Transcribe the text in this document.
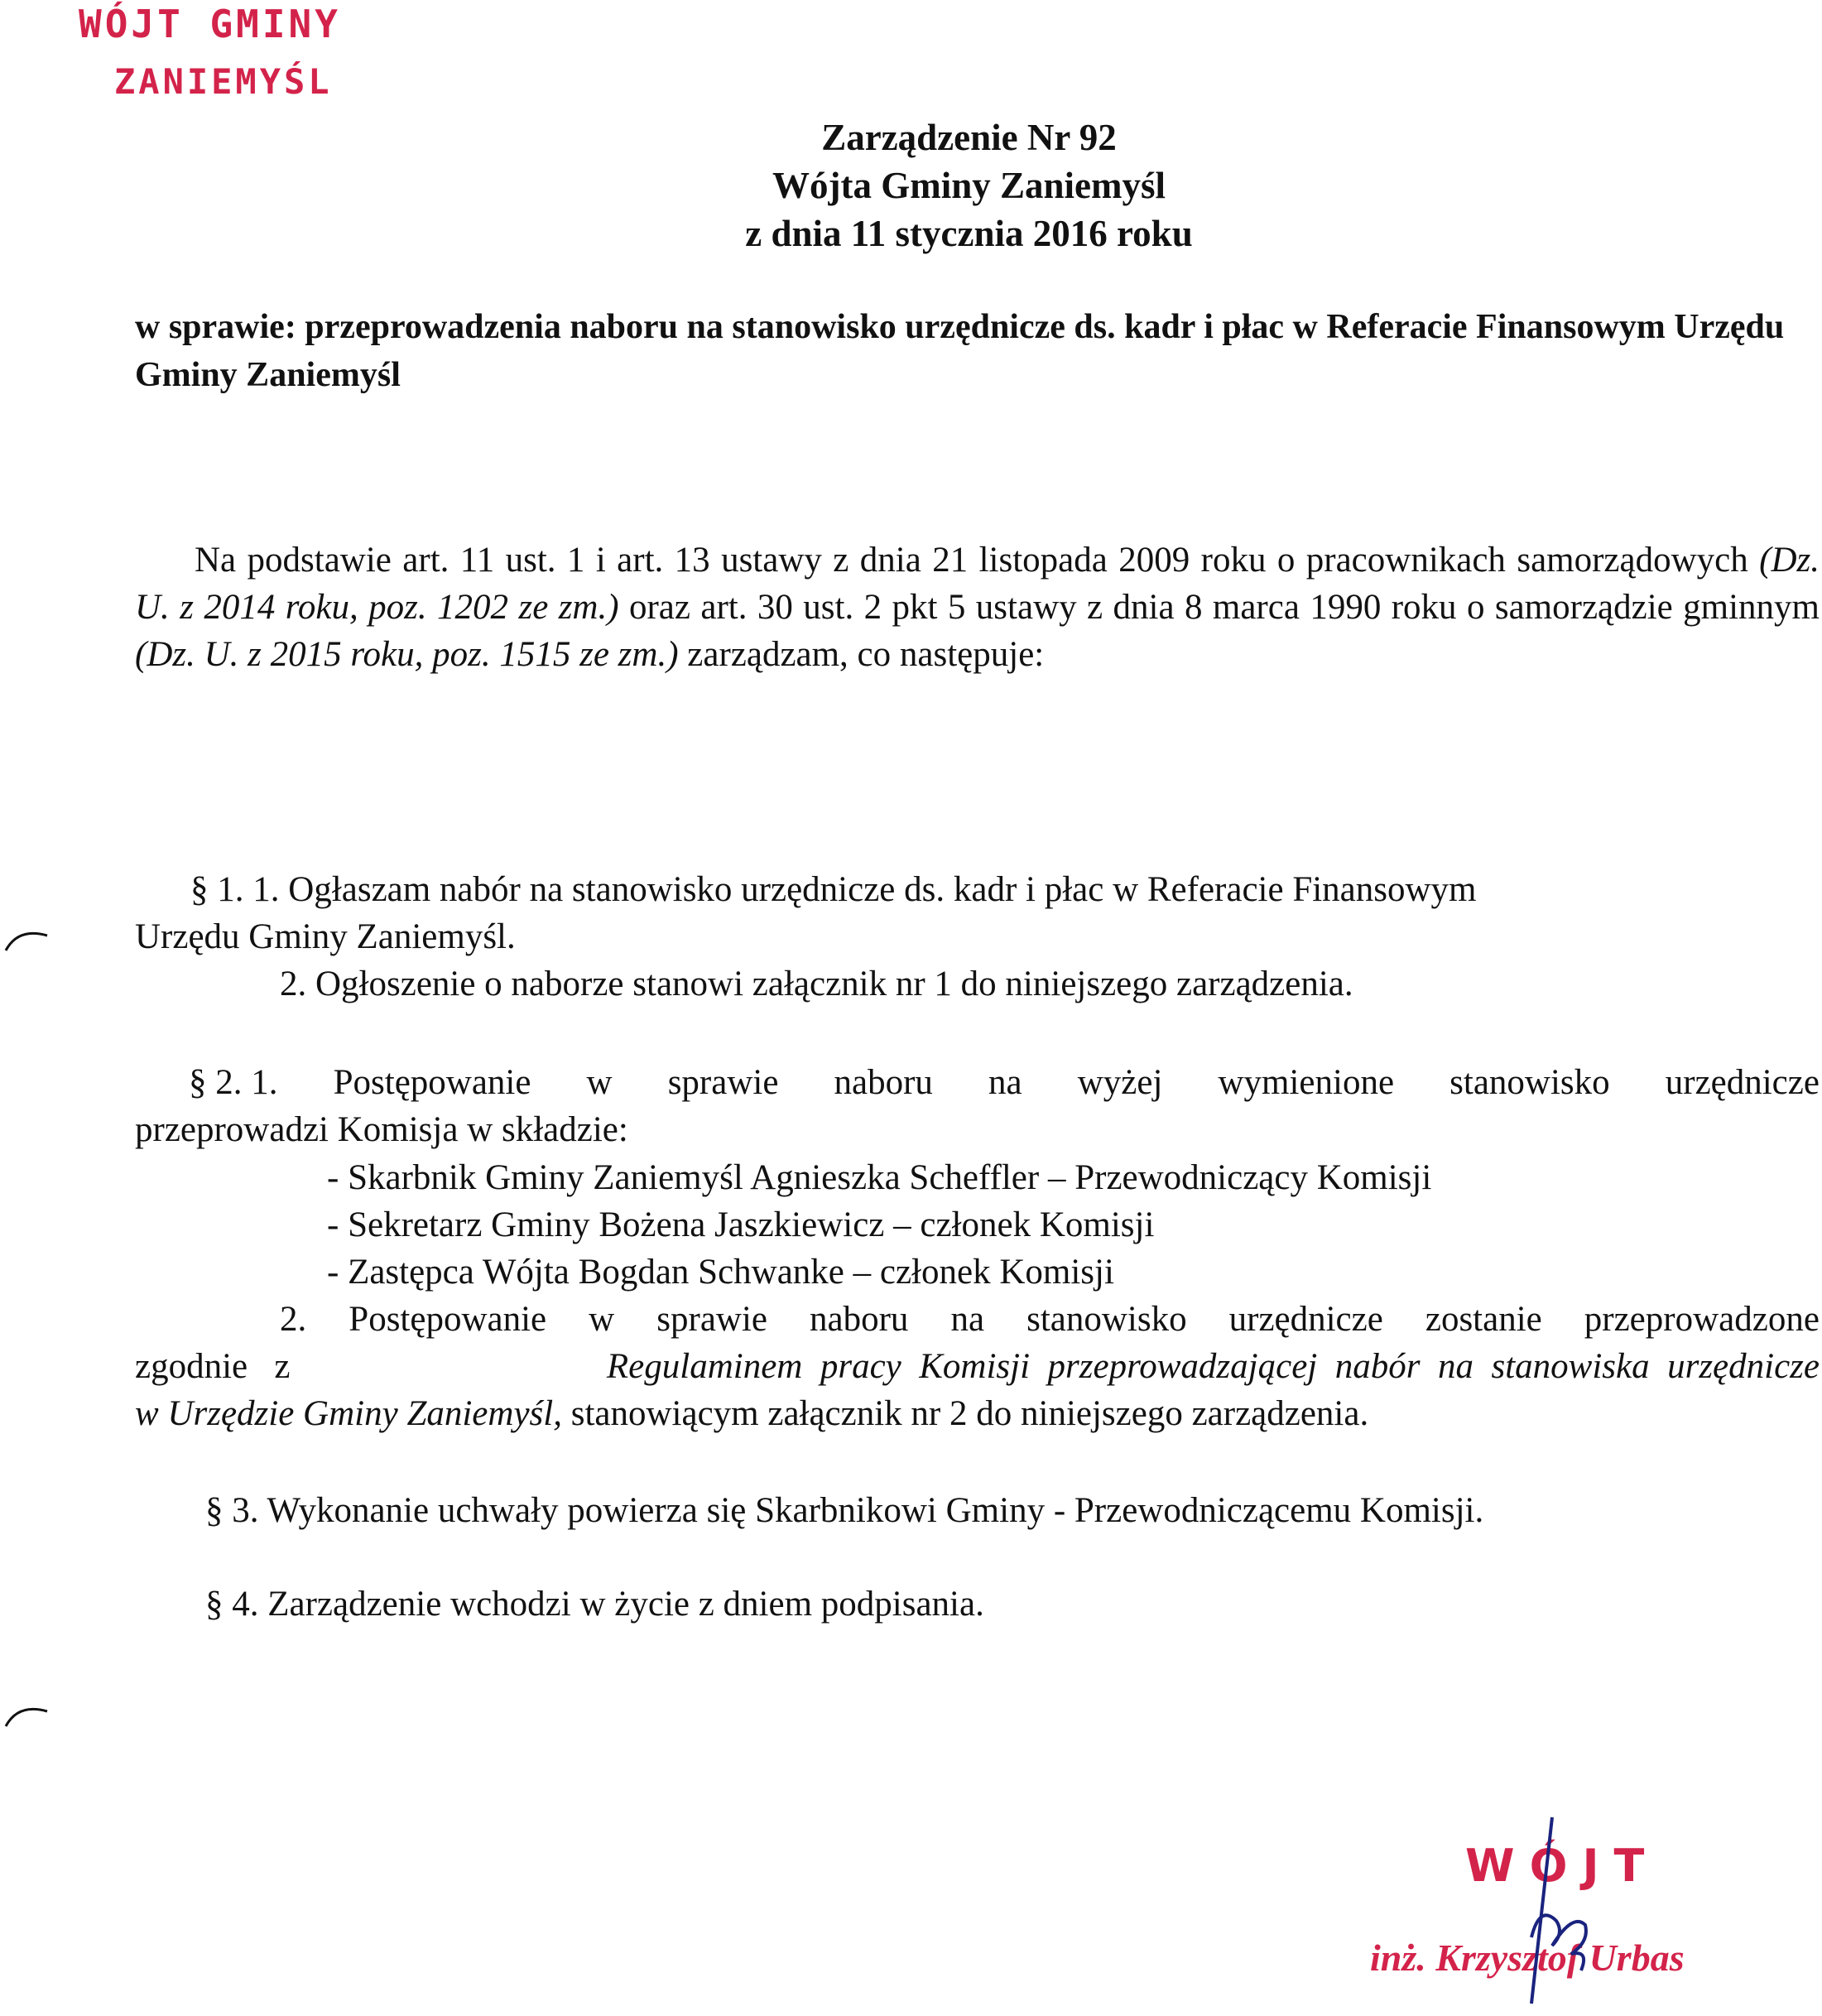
WÓJT GMINY
ZANIEMYŚL
Zarządzenie Nr 92
Wójta Gminy Zaniemyśl
z dnia 11 stycznia 2016 roku
w sprawie: przeprowadzenia naboru na stanowisko urzędnicze ds. kadr i płac w Referacie Finansowym Urzędu Gminy Zaniemyśl
Na podstawie art. 11 ust. 1 i art. 13 ustawy z dnia 21 listopada 2009 roku o pracownikach samorządowych (Dz. U. z 2014 roku, poz. 1202 ze zm.) oraz art. 30 ust. 2 pkt 5 ustawy z dnia 8 marca 1990 roku o samorządzie gminnym (Dz. U. z 2015 roku, poz. 1515 ze zm.) zarządzam, co następuje:
§ 1. 1. Ogłaszam nabór na stanowisko urzędnicze ds. kadr i płac w Referacie Finansowym
Urzędu Gminy Zaniemyśl.
2. Ogłoszenie o naborze stanowi załącznik nr 1 do niniejszego zarządzenia.
§ 2. 1. Postępowanie w sprawie naboru na wyżej wymienione stanowisko urzędnicze
przeprowadzi Komisja w składzie:
- Skarbnik Gminy Zaniemyśl Agnieszka Scheffler – Przewodniczący Komisji
- Sekretarz Gminy Bożena Jaszkiewicz – członek Komisji
- Zastępca Wójta Bogdan Schwanke – członek Komisji
2. Postępowanie w sprawie naboru na stanowisko urzędnicze zostanie przeprowadzone
zgodnie   z	Regulaminem  pracy  Komisji  przeprowadzającej  nabór  na  stanowiska  urzędnicze
w Urzędzie Gminy Zaniemyśl, stanowiącym załącznik nr 2 do niniejszego zarządzenia.
§ 3. Wykonanie uchwały powierza się Skarbnikowi Gminy - Przewodniczącemu Komisji.
§ 4. Zarządzenie wchodzi w życie z dniem podpisania.
WÓJT
inż. Krzysztof Urbas
